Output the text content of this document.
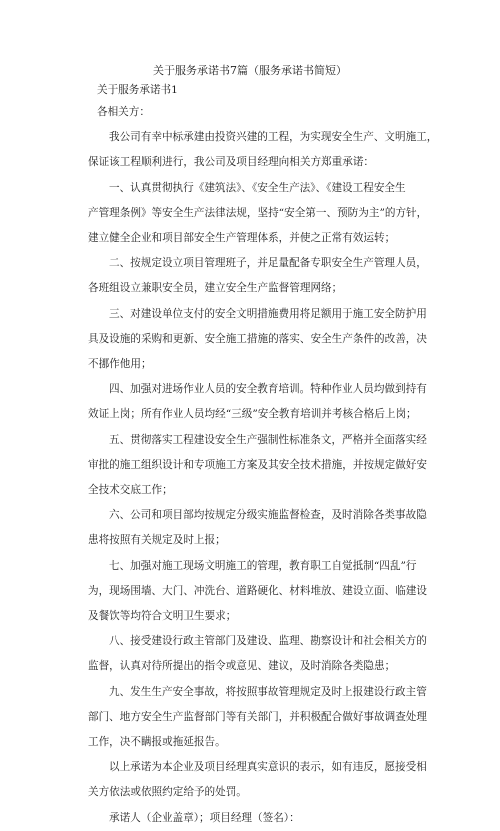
关于服务承诺书7篇（服务承诺书简短）
关于服务承诺书1
各相关方：
我公司有幸中标承建由投资兴建的工程，为实现安全生产、文明施工，
保证该工程顺利进行，我公司及项目经理向相关方郑重承诺：
一、认真贯彻执行《建筑法》、《安全生产法》、《建设工程安全生
产管理条例》等安全生产法律法规，坚持“安全第一、预防为主”的方针，
建立健全企业和项目部安全生产管理体系，并使之正常有效运转；
二、按规定设立项目管理班子，并足量配备专职安全生产管理人员，
各班组设立兼职安全员，建立安全生产监督管理网络；
三、对建设单位支付的安全文明措施费用将足额用于施工安全防护用
具及设施的采购和更新、安全施工措施的落实、安全生产条件的改善，决
不挪作他用；
四、加强对进场作业人员的安全教育培训。特种作业人员均做到持有
效证上岗；所有作业人员均经“三级”安全教育培训并考核合格后上岗；
五、贯彻落实工程建设安全生产强制性标准条文，严格并全面落实经
审批的施工组织设计和专项施工方案及其安全技术措施，并按规定做好安
全技术交底工作；
六、公司和项目部均按规定分级实施监督检查，及时消除各类事故隐
患将按照有关规定及时上报；
七、加强对施工现场文明施工的管理，教育职工自觉抵制“四乱”行
为，现场围墙、大门、冲洗台、道路硬化、材料堆放、建设立面、临建设
及餐饮等均符合文明卫生要求；
八、接受建设行政主管部门及建设、监理、勘察设计和社会相关方的
监督，认真对待所提出的指令或意见、建议，及时消除各类隐患；
九、发生生产安全事故，将按照事故管理规定及时上报建设行政主管
部门、地方安全生产监督部门等有关部门，并积极配合做好事故调查处理
工作，决不瞒报或拖延报告。
以上承诺为本企业及项目经理真实意识的表示，如有违反，愿接受相
关方依法或依照约定给予的处罚。
承诺人（企业盖章）；项目经理（签名）：
